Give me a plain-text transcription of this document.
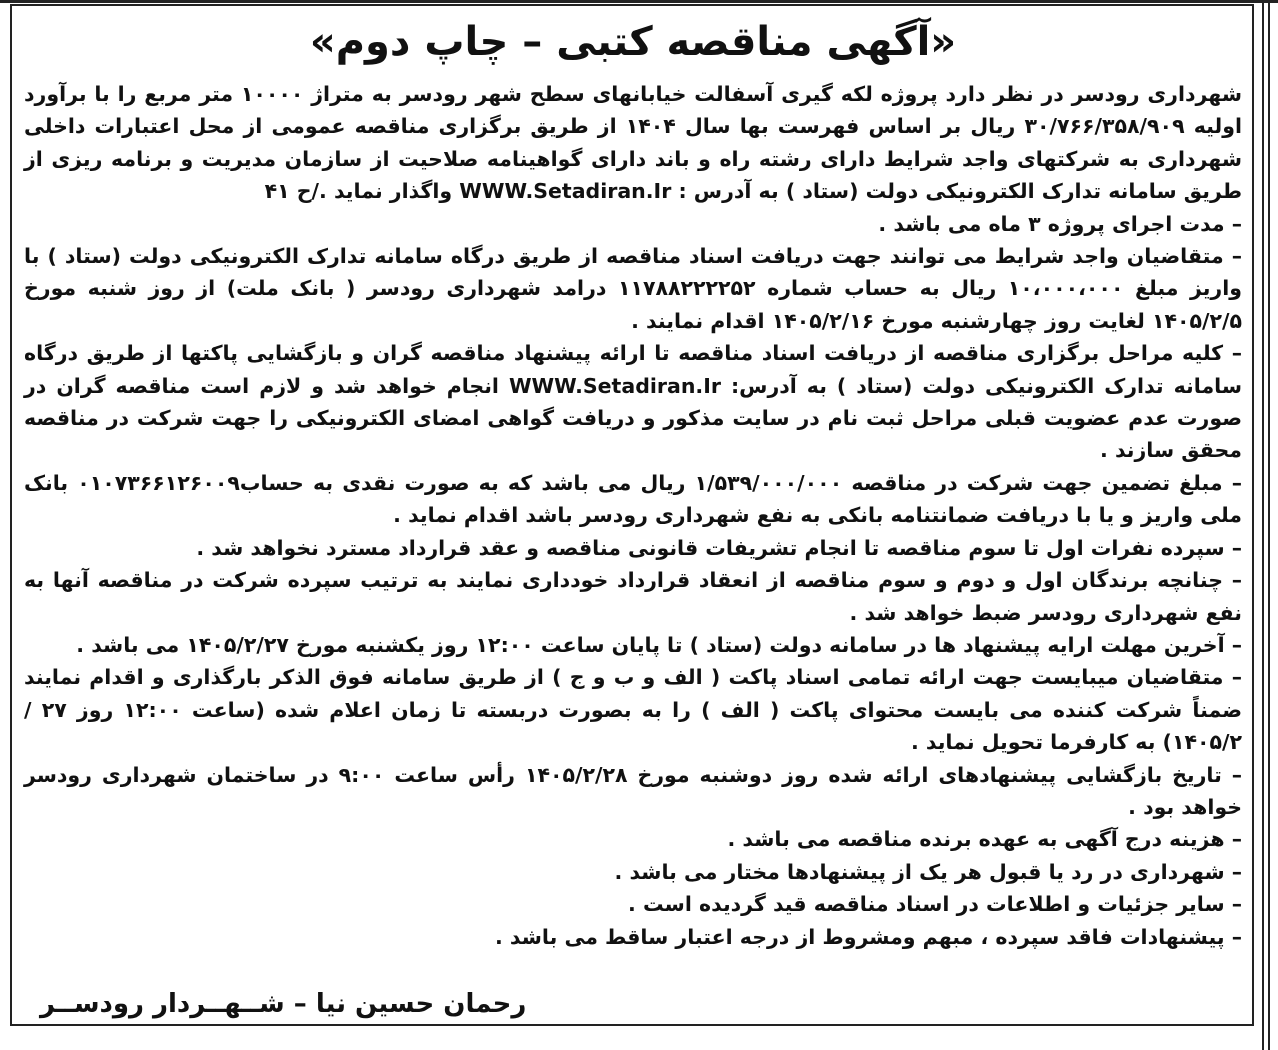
«آگهی مناقصه کتبی – چاپ دوم»

شهرداری رودسر در نظر دارد پروژه لکه گیری آسفالت خیابانهای سطح شهر رودسر به متراژ ۱۰۰۰۰ متر مربع را با برآورد اولیه ۳۰/۷۶۶/۳۵۸/۹۰۹ ریال بر اساس فهرست بها سال ۱۴۰۴ از طریق برگزاری مناقصه عمومی از محل اعتبارات داخلی شهرداری به شرکتهای واجد شرایط دارای رشته راه و باند دارای گواهینامه صلاحیت از سازمان مدیریت و برنامه ریزی از طریق سامانه تدارک الکترونیکی دولت (ستاد ) به آدرس : WWW.Setadiran.Ir واگذار نماید ./ح ۴۱

– مدت اجرای پروژه ۳ ماه می باشد .

– متقاضیان واجد شرایط می توانند جهت دریافت اسناد مناقصه از طریق درگاه سامانه تدارک الکترونیکی دولت (ستاد ) با واریز مبلغ ۱۰،۰۰۰،۰۰۰ ریال به حساب شماره ۱۱۷۸۸۲۲۲۲۵۲ درامد شهرداری رودسر ( بانک ملت) از روز شنبه مورخ ۱۴۰۵/۲/۵ لغایت روز چهارشنبه مورخ ۱۴۰۵/۲/۱۶ اقدام نمایند .

– کلیه مراحل برگزاری مناقصه از دریافت اسناد مناقصه تا ارائه پیشنهاد مناقصه گران و بازگشایی پاکتها از طریق درگاه سامانه تدارک الکترونیکی دولت (ستاد ) به آدرس: WWW.Setadiran.Ir انجام خواهد شد و لازم است مناقصه گران در صورت عدم عضویت قبلی مراحل ثبت نام در سایت مذکور و دریافت گواهی امضای الکترونیکی را جهت شرکت در مناقصه محقق سازند .

– مبلغ تضمین جهت شرکت در مناقصه ۱/۵۳۹/۰۰۰/۰۰۰ ریال می باشد که به صورت نقدی به حساب۰۱۰۷۳۶۶۱۲۶۰۰۹ بانک ملی واریز و یا با دریافت ضمانتنامه بانکی به نفع شهرداری رودسر باشد اقدام نماید .

– سپرده نفرات اول تا سوم مناقصه تا انجام تشریفات قانونی مناقصه و عقد قرارداد مسترد نخواهد شد .

– چنانچه برندگان اول و دوم و سوم مناقصه از انعقاد قرارداد خودداری نمایند به ترتیب سپرده شرکت در مناقصه آنها به نفع شهرداری رودسر ضبط خواهد شد .

– آخرین مهلت ارایه پیشنهاد ها در سامانه دولت (ستاد ) تا پایان ساعت ۱۲:۰۰ روز یکشنبه مورخ ۱۴۰۵/۲/۲۷ می باشد .

– متقاضیان میبایست جهت ارائه تمامی اسناد پاکت ( الف و ب و ج ) از طریق سامانه فوق الذکر بارگذاری و اقدام نمایند ضمناً شرکت کننده می بایست محتوای پاکت ( الف ) را به بصورت دربسته تا زمان اعلام شده (ساعت ۱۲:۰۰ روز ۲۷ /۱۴۰۵/۲) به کارفرما تحویل نماید .

– تاریخ بازگشایی پیشنهادهای ارائه شده روز دوشنبه مورخ ۱۴۰۵/۲/۲۸ رأس ساعت ۹:۰۰ در ساختمان شهرداری رودسر خواهد بود .

– هزینه درج آگهی به عهده برنده مناقصه می باشد .

– شهرداری در رد یا قبول هر یک از پیشنهادها مختار می باشد .

– سایر جزئیات و اطلاعات در اسناد مناقصه قید گردیده است .

– پیشنهادات فاقد سپرده ، مبهم ومشروط از درجه اعتبار ساقط می باشد .

رحمان حسین نیا – شــهــردار رودســر
